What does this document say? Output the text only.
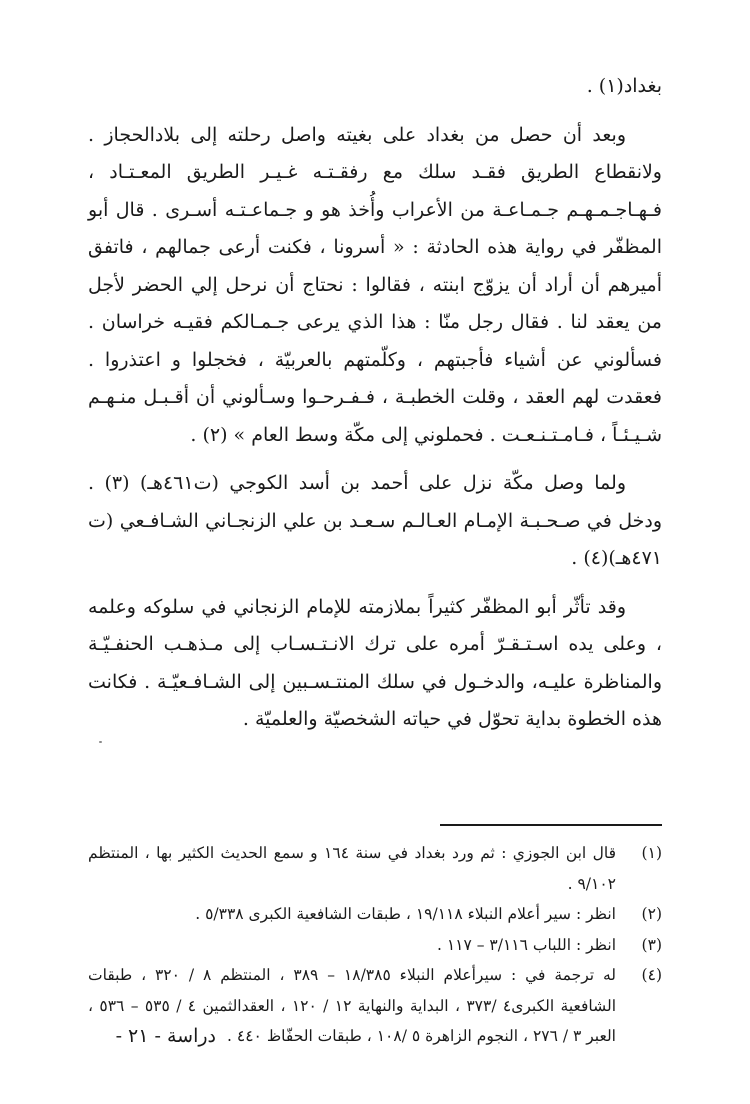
بغداد(١) .

وبعد أن حصل من بغداد على بغيته واصل رحلته إلى بلادالحجاز . ولانقطاع الطريق فقـد سلك مع رفقـتـه غـيـر الطريق المعـتـاد ، فـهـاجـمـهـم جـمـاعـة من الأعراب وأُخذ هو و جـماعـتـه أسـرى . قال أبو المظفّر في رواية هذه الحادثة : « أسرونا ، فكنت أرعى جمالهم ، فاتفق أميرهم أن أراد أن يزوّج ابنته ، فقالوا : نحتاج أن نرحل إلي الحضر لأجل من يعقد لنا . فقال رجل منّا : هذا الذي يرعى جـمـالكم فقيـه خراسان . فسألوني عن أشياء فأجبتهم ، وكلّمتهم بالعربيّة ، فخجلوا و اعتذروا . فعقدت لهم العقد ، وقلت الخطبـة ، فـفـرحـوا وسـألوني أن أقـبـل منـهـم شـيـئـاً ، فـامـتـنـعـت . فحملوني إلى مكّة وسط العام » (٢) .

ولما وصل مكّة نزل على أحمد بن أسد الكوجي (ت٤٦١هـ) (٣) . ودخل في صـحـبـة الإمـام العـالـم سـعـد بن علي الزنجـاني الشـافـعي (ت ٤٧١هـ)(٤) .

وقد تأثّر أبو المظفّر كثيراً بملازمته للإمام الزنجاني في سلوكه وعلمه ، وعلى يده اسـتـقـرّ أمره على ترك الانـتـسـاب إلى مـذهـب الحنفـيّـة والمناظرة عليـه، والدخـول في سلك المنتـسـبين إلى الشـافـعيّـة . فكانت هذه الخطوة بداية تحوّل في حياته الشخصيّة والعلميّة .

(١)
قال ابن الجوزي : ثم ورد بغداد في سنة ١٦٤ و سمع الحديث الكثير بها ، المنتظم ٩/١٠٢ .
(٢)
انظر : سير أعلام النبلاء ١٩/١١٨ ، طبقات الشافعية الكبرى ٥/٣٣٨ .
(٣)
انظر : اللباب ٣/١١٦ – ١١٧ .
(٤)
له ترجمة في : سيرأعلام النبلاء ١٨/٣٨٥ – ٣٨٩ ، المنتظم ٨ / ٣٢٠ ، طبقات الشافعية الكبرى٤ /٣٧٣ ، البداية والنهاية ١٢ / ١٢٠ ، العقدالثمين ٤ / ٥٣٥ – ٥٣٦ ، العبر ٣ / ٢٧٦ ، النجوم الزاهرة ٥ /١٠٨ ، طبقات الحفّاظ ٤٤٠ .
دراسة - ٢١ -
